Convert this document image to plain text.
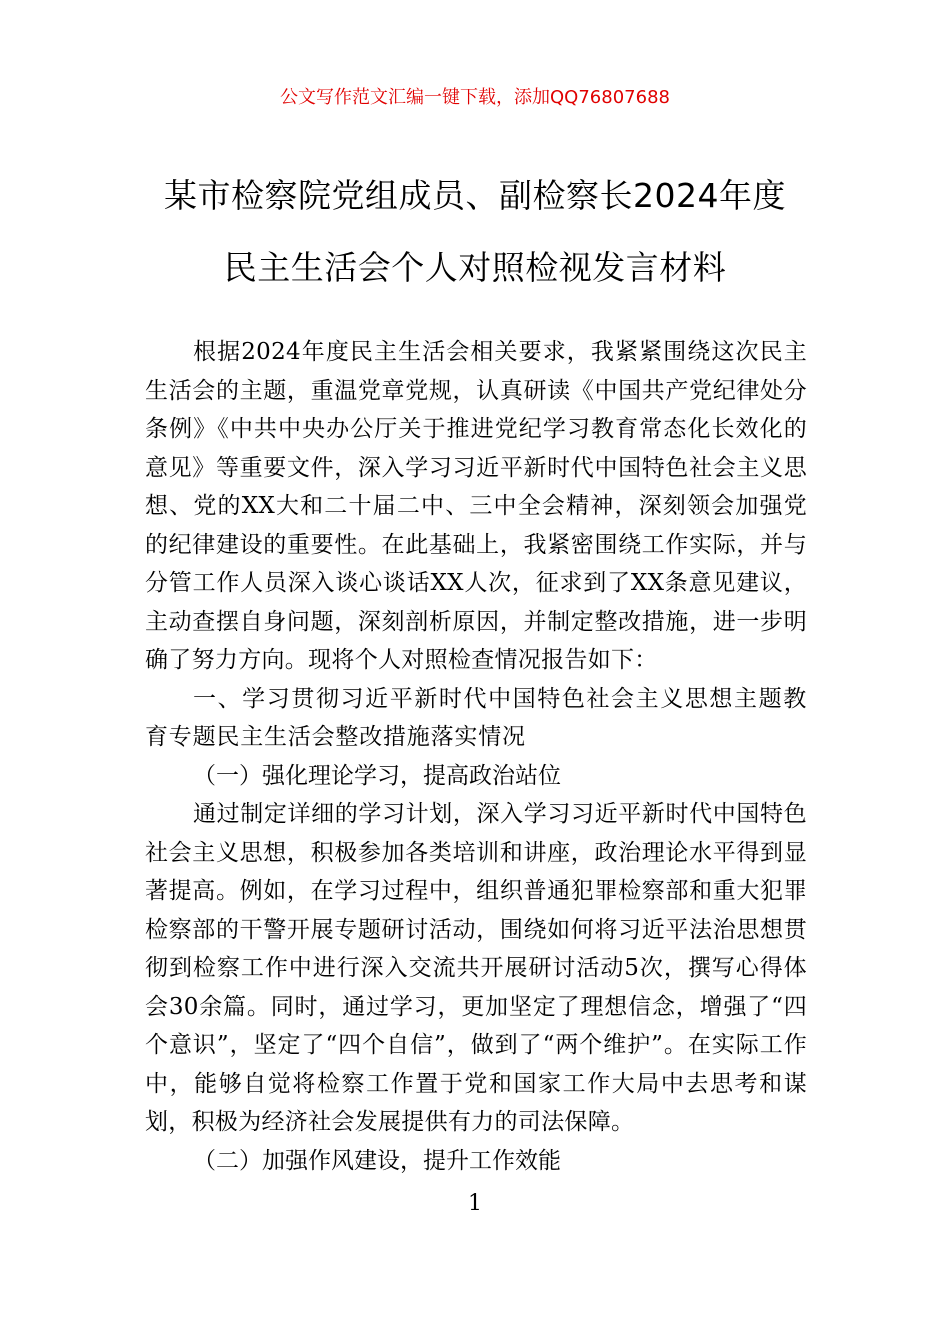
公文写作范文汇编一键下载，添加QQ76807688
某市检察院党组成员、副检察长2024年度
民主生活会个人对照检视发言材料

根据2024年度民主生活会相关要求，我紧紧围绕这次民主生活会的主题，重温党章党规，认真研读《中国共产党纪律处分条例》《中共中央办公厅关于推进党纪学习教育常态化长效化的意见》等重要文件，深入学习习近平新时代中国特色社会主义思想、党的XX大和二十届二中、三中全会精神，深刻领会加强党的纪律建设的重要性。在此基础上，我紧密围绕工作实际，并与分管工作人员深入谈心谈话XX人次，征求到了XX条意见建议，主动查摆自身问题，深刻剖析原因，并制定整改措施，进一步明确了努力方向。现将个人对照检查情况报告如下：

一、学习贯彻习近平新时代中国特色社会主义思想主题教育专题民主生活会整改措施落实情况

（一）强化理论学习，提高政治站位

通过制定详细的学习计划，深入学习习近平新时代中国特色社会主义思想，积极参加各类培训和讲座，政治理论水平得到显著提高。例如，在学习过程中，组织普通犯罪检察部和重大犯罪检察部的干警开展专题研讨活动，围绕如何将习近平法治思想贯彻到检察工作中进行深入交流共开展研讨活动5次，撰写心得体会30余篇。同时，通过学习，更加坚定了理想信念，增强了“四个意识”，坚定了“四个自信”，做到了“两个维护”。在实际工作中，能够自觉将检察工作置于党和国家工作大局中去思考和谋划，积极为经济社会发展提供有力的司法保障。

（二）加强作风建设，提升工作效能

1
